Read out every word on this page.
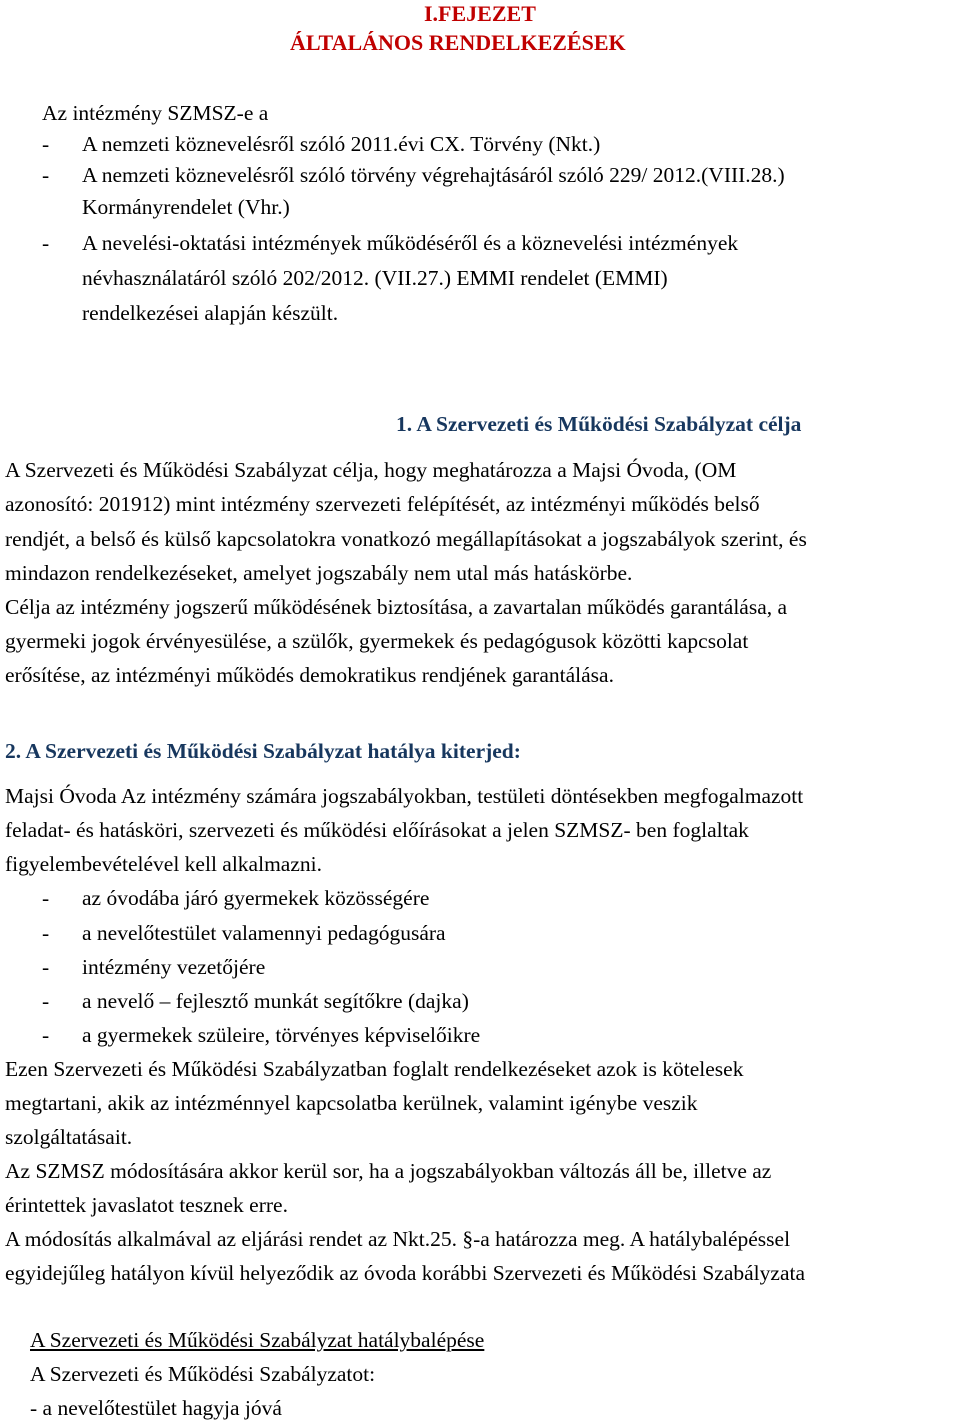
I.FEJEZET
ÁLTALÁNOS RENDELKEZÉSEK
Az intézmény SZMSZ-e a
- A nemzeti köznevelésről szóló 2011.évi CX. Törvény (Nkt.)
- A nemzeti köznevelésről szóló törvény végrehajtásáról szóló 229/ 2012.(VIII.28.)
Kormányrendelet (Vhr.)
- A nevelési-oktatási intézmények működéséről és a köznevelési intézmények
névhasználatáról szóló 202/2012. (VII.27.) EMMI rendelet (EMMI)
rendelkezései alapján készült.
1. A Szervezeti és Működési Szabályzat célja
A Szervezeti és Működési Szabályzat célja, hogy meghatározza a Majsi Óvoda, (OM
azonosító: 201912) mint intézmény szervezeti felépítését, az intézményi működés belső
rendjét, a belső és külső kapcsolatokra vonatkozó megállapításokat a jogszabályok szerint, és
mindazon rendelkezéseket, amelyet jogszabály nem utal más hatáskörbe.
Célja az intézmény jogszerű működésének biztosítása, a zavartalan működés garantálása, a
gyermeki jogok érvényesülése, a szülők, gyermekek és pedagógusok közötti kapcsolat
erősítése, az intézményi működés demokratikus rendjének garantálása.
2. A Szervezeti és Működési Szabályzat hatálya kiterjed:
Majsi Óvoda Az intézmény számára jogszabályokban, testületi döntésekben megfogalmazott
feladat- és hatásköri, szervezeti és működési előírásokat a jelen SZMSZ- ben foglaltak
figyelembevételével kell alkalmazni.
- az óvodába járó gyermekek közösségére
- a nevelőtestület valamennyi pedagógusára
- intézmény vezetőjére
- a nevelő – fejlesztő munkát segítőkre (dajka)
- a gyermekek szüleire, törvényes képviselőikre
Ezen Szervezeti és Működési Szabályzatban foglalt rendelkezéseket azok is kötelesek
megtartani, akik az intézménnyel kapcsolatba kerülnek, valamint igénybe veszik
szolgáltatásait.
Az SZMSZ módosítására akkor kerül sor, ha a jogszabályokban változás áll be, illetve az
érintettek javaslatot tesznek erre.
A módosítás alkalmával az eljárási rendet az Nkt.25. §-a határozza meg. A hatálybalépéssel
egyidejűleg hatályon kívül helyeződik az óvoda korábbi Szervezeti és Működési Szabályzata
A Szervezeti és Működési Szabályzat hatálybalépése
A Szervezeti és Működési Szabályzatot:
- a nevelőtestület hagyja jóvá
